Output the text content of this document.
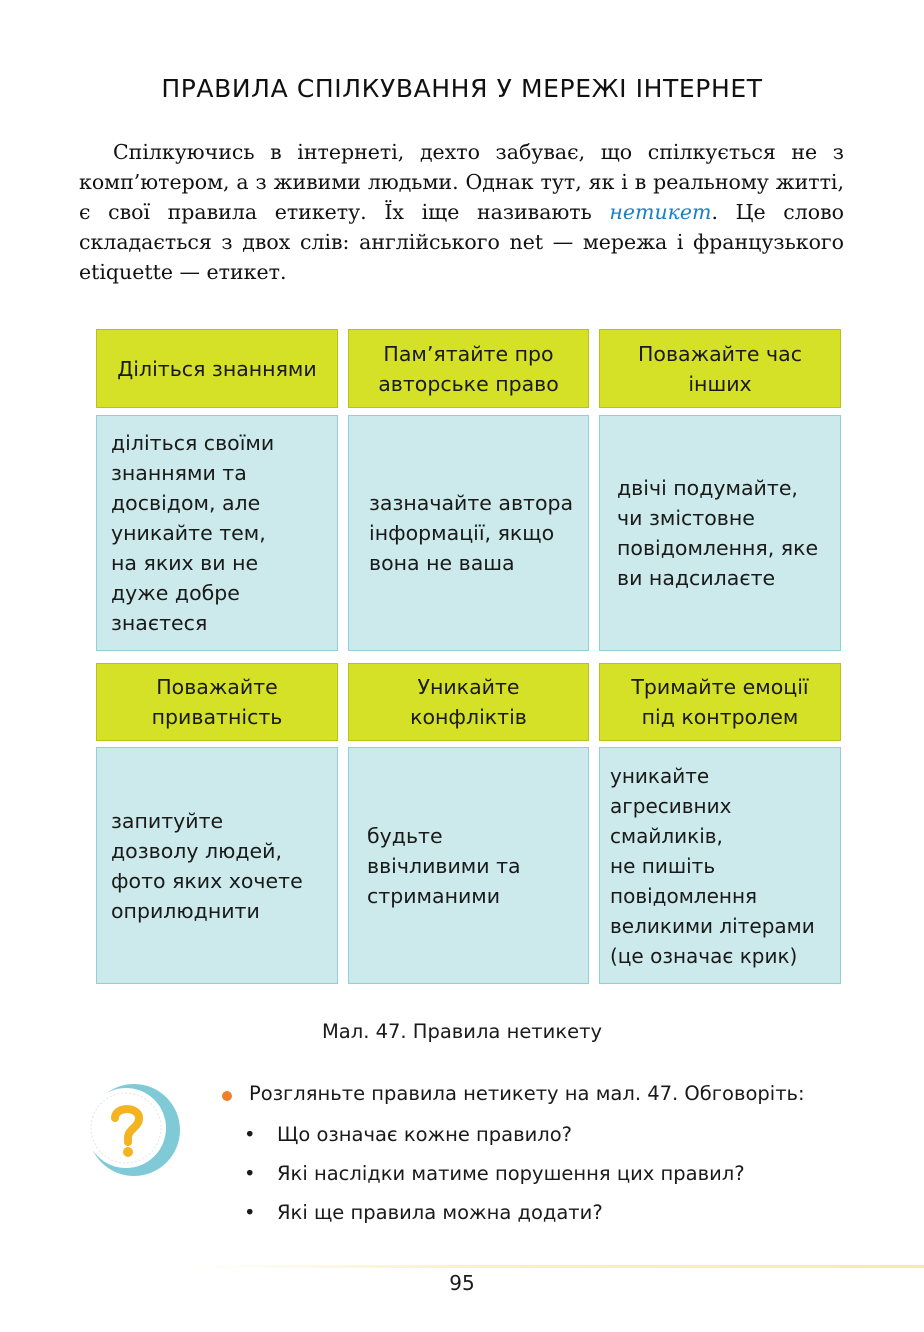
ПРАВИЛА СПІЛКУВАННЯ У МЕРЕЖІ ІНТЕРНЕТ

Спілкуючись в інтернеті, дехто забуває, що спілкується не з комп’ютером, а з живими людьми. Однак тут, як і в реальному житті, є свої правила етикету. Їх іще називають нетикет. Це слово складається з двох слів: англійського net — мережа і французького etiquette — етикет.

Діліться знаннями
Пам’ятайте про авторське право
Поважайте час інших
діліться своїми
знаннями та
досвідом, але
уникайте тем,
на яких ви не
дуже добре
знаєтеся
зазначайте автора
інформації, якщо
вона не ваша
двічі подумайте,
чи змістовне
повідомлення, яке
ви надсилаєте
Поважайте приватність
Уникайте конфліктів
Тримайте емоції під контролем
запитуйте
дозволу людей,
фото яких хочете
оприлюднити
будьте
ввічливими та
стриманими
уникайте
агресивних
смайликів,
не пишіть
повідомлення
великими літерами
(це означає крик)
Мал. 47. Правила нетикету
Розгляньте правила нетикету на мал. 47. Обговоріть:
• Що означає кожне правило?
• Які наслідки матиме порушення цих правил?
• Які ще правила можна додати?
95
